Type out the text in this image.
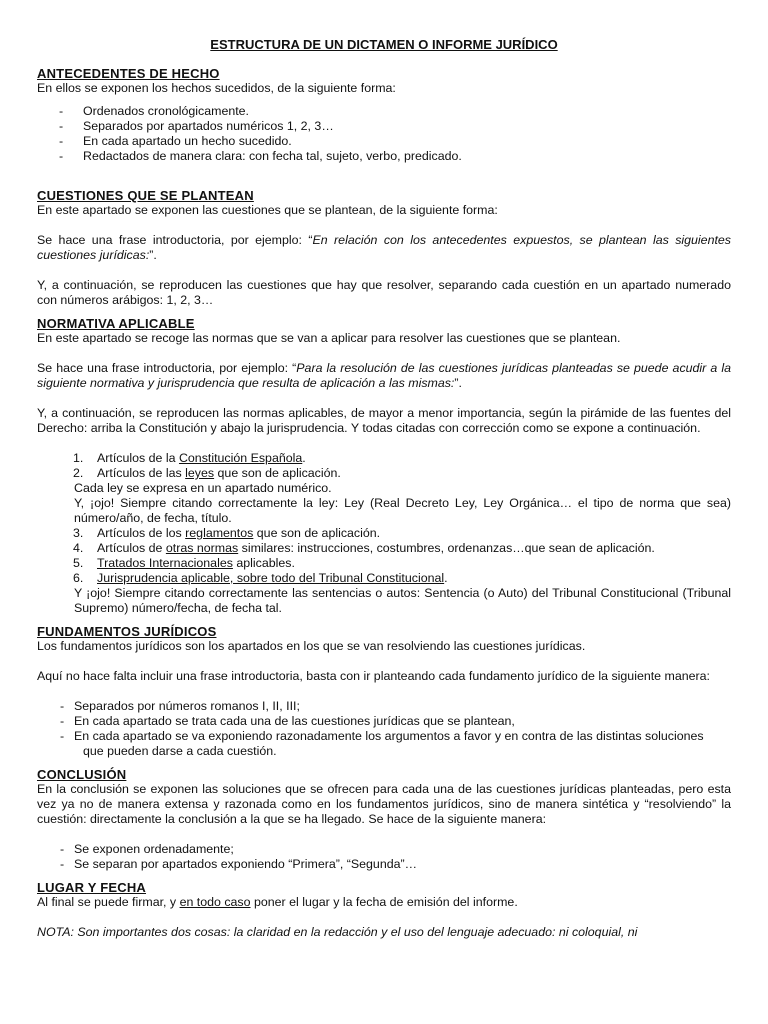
ESTRUCTURA DE UN DICTAMEN O INFORME JURÍDICO
ANTECEDENTES DE HECHO

En ellos se exponen los hechos sucedidos, de la siguiente forma:

- Ordenados cronológicamente.
- Separados por apartados numéricos 1, 2, 3…
- En cada apartado un hecho sucedido.
- Redactados de manera clara: con fecha tal, sujeto, verbo, predicado.
CUESTIONES QUE SE PLANTEAN

En este apartado se exponen las cuestiones que se plantean, de la siguiente forma:

Se hace una frase introductoria, por ejemplo: “En relación con los antecedentes expuestos, se plantean las siguientes cuestiones jurídicas:”.

Y, a continuación, se reproducen las cuestiones que hay que resolver, separando cada cuestión en un apartado numerado con números arábigos: 1, 2, 3…

NORMATIVA APLICABLE

En este apartado se recoge las normas que se van a aplicar para resolver las cuestiones que se plantean.

Se hace una frase introductoria, por ejemplo: “Para la resolución de las cuestiones jurídicas planteadas se puede acudir a la siguiente normativa y jurisprudencia que resulta de aplicación a las mismas:”.

Y, a continuación, se reproducen las normas aplicables, de mayor a menor importancia, según la pirámide de las fuentes del Derecho: arriba la Constitución y abajo la jurisprudencia. Y todas citadas con corrección como se expone a continuación.

1. Artículos de la Constitución Española.
2. Artículos de las leyes que son de aplicación.

Cada ley se expresa en un apartado numérico.

Y, ¡ojo! Siempre citando correctamente la ley: Ley (Real Decreto Ley, Ley Orgánica… el tipo de norma que sea) número/año, de fecha, título.

3. Artículos de los reglamentos que son de aplicación.
4. Artículos de otras normas similares: instrucciones, costumbres, ordenanzas…que sean de aplicación.
5. Tratados Internacionales aplicables.
6. Jurisprudencia aplicable, sobre todo del Tribunal Constitucional.

Y ¡ojo! Siempre citando correctamente las sentencias o autos: Sentencia (o Auto) del Tribunal Constitucional (Tribunal Supremo) número/fecha, de fecha tal.

FUNDAMENTOS JURÍDICOS

Los fundamentos jurídicos son los apartados en los que se van resolviendo las cuestiones jurídicas.

Aquí no hace falta incluir una frase introductoria, basta con ir planteando cada fundamento jurídico de la siguiente manera:

- Separados por números romanos I, II, III;
- En cada apartado se trata cada una de las cuestiones jurídicas que se plantean,
- En cada apartado se va exponiendo razonadamente los argumentos a favor y en contra de las distintas soluciones
que pueden darse a cada cuestión.
CONCLUSIÓN

En la conclusión se exponen las soluciones que se ofrecen para cada una de las cuestiones jurídicas planteadas, pero esta vez ya no de manera extensa y razonada como en los fundamentos jurídicos, sino de manera sintética y “resolviendo” la cuestión: directamente la conclusión a la que se ha llegado. Se hace de la siguiente manera:

- Se exponen ordenadamente;
- Se separan por apartados exponiendo “Primera”, “Segunda”…
LUGAR Y FECHA

Al final se puede firmar, y en todo caso poner el lugar y la fecha de emisión del informe.

NOTA: Son importantes dos cosas: la claridad en la redacción y el uso del lenguaje adecuado: ni coloquial, ni
